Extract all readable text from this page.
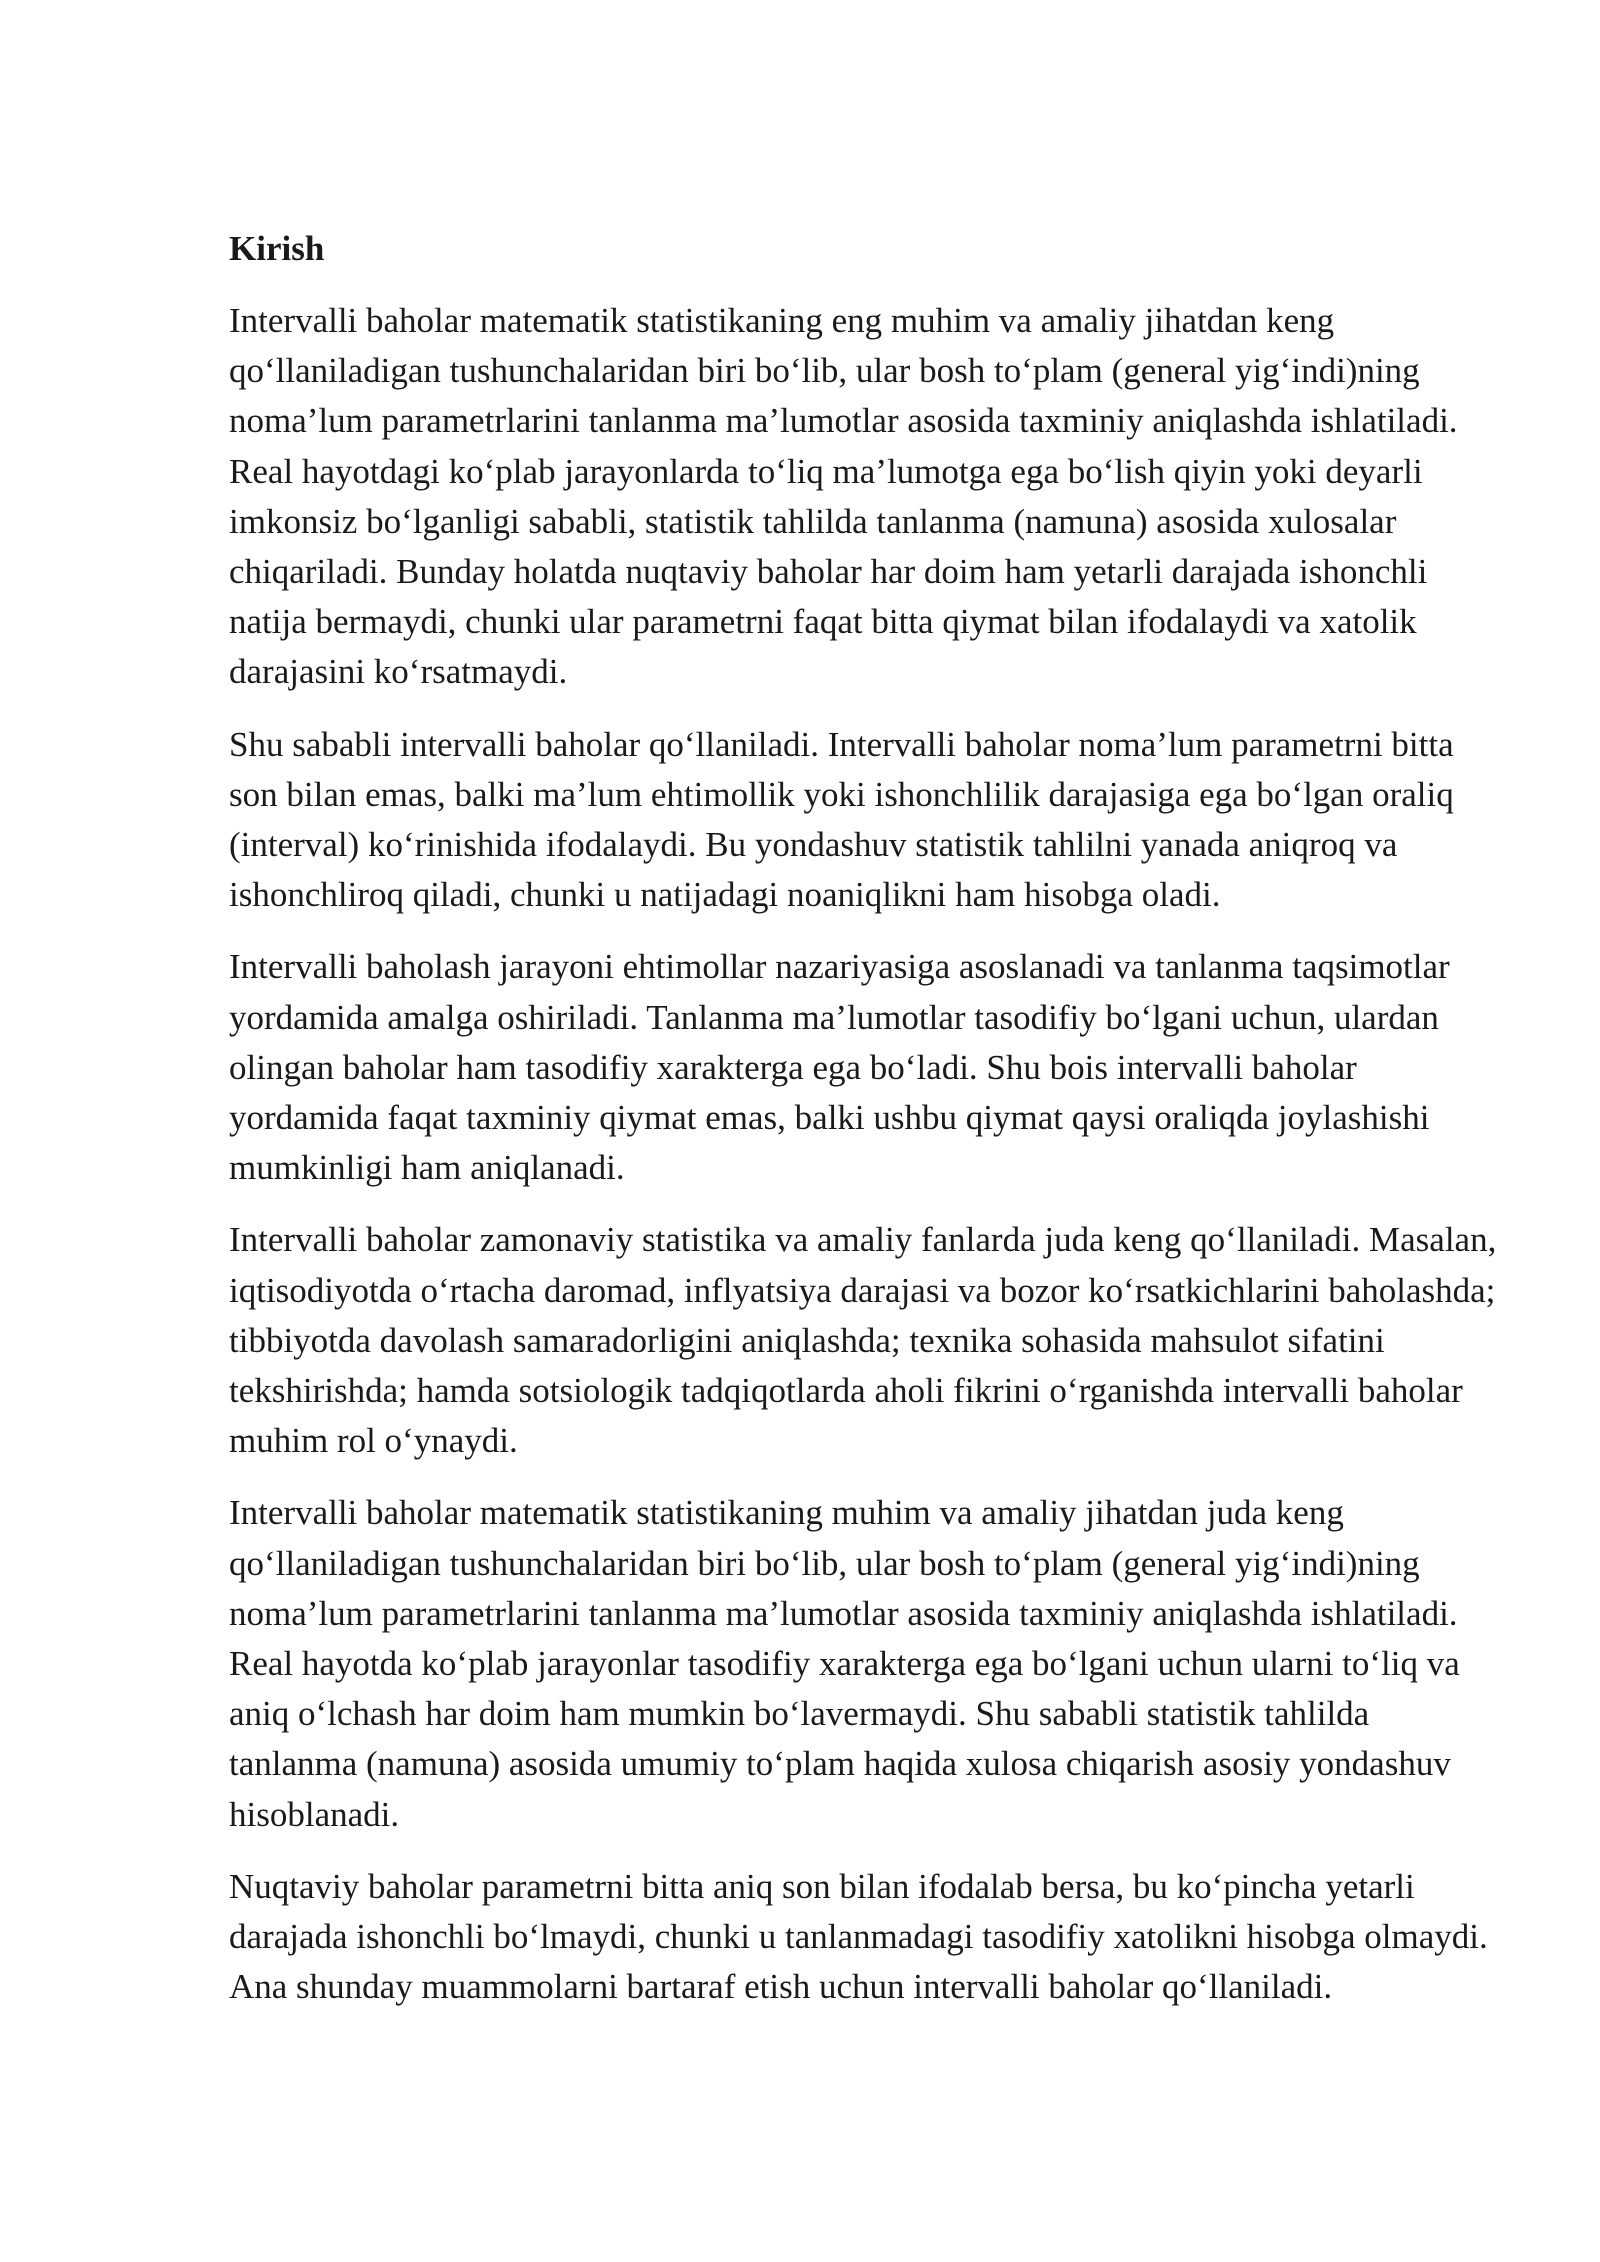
Kirish

Intervalli baholar matematik statistikaning eng muhim va amaliy jihatdan keng qo‘llaniladigan tushunchalaridan biri bo‘lib, ular bosh to‘plam (general yig‘indi)ning noma’lum parametrlarini tanlanma ma’lumotlar asosida taxminiy aniqlashda ishlatiladi. Real hayotdagi ko‘plab jarayonlarda to‘liq ma’lumotga ega bo‘lish qiyin yoki deyarli imkonsiz bo‘lganligi sababli, statistik tahlilda tanlanma (namuna) asosida xulosalar chiqariladi. Bunday holatda nuqtaviy baholar har doim ham yetarli darajada ishonchli natija bermaydi, chunki ular parametrni faqat bitta qiymat bilan ifodalaydi va xatolik darajasini ko‘rsatmaydi.

Shu sababli intervalli baholar qo‘llaniladi. Intervalli baholar noma’lum parametrni bitta son bilan emas, balki ma’lum ehtimollik yoki ishonchlilik darajasiga ega bo‘lgan oraliq (interval) ko‘rinishida ifodalaydi. Bu yondashuv statistik tahlilni yanada aniqroq va ishonchliroq qiladi, chunki u natijadagi noaniqlikni ham hisobga oladi.

Intervalli baholash jarayoni ehtimollar nazariyasiga asoslanadi va tanlanma taqsimotlar yordamida amalga oshiriladi. Tanlanma ma’lumotlar tasodifiy bo‘lgani uchun, ulardan olingan baholar ham tasodifiy xarakterga ega bo‘ladi. Shu bois intervalli baholar yordamida faqat taxminiy qiymat emas, balki ushbu qiymat qaysi oraliqda joylashishi mumkinligi ham aniqlanadi.

Intervalli baholar zamonaviy statistika va amaliy fanlarda juda keng qo‘llaniladi. Masalan, iqtisodiyotda o‘rtacha daromad, inflyatsiya darajasi va bozor ko‘rsatkichlarini baholashda; tibbiyotda davolash samaradorligini aniqlashda; texnika sohasida mahsulot sifatini tekshirishda; hamda sotsiologik tadqiqotlarda aholi fikrini o‘rganishda intervalli baholar muhim rol o‘ynaydi.

Intervalli baholar matematik statistikaning muhim va amaliy jihatdan juda keng qo‘llaniladigan tushunchalaridan biri bo‘lib, ular bosh to‘plam (general yig‘indi)ning noma’lum parametrlarini tanlanma ma’lumotlar asosida taxminiy aniqlashda ishlatiladi. Real hayotda ko‘plab jarayonlar tasodifiy xarakterga ega bo‘lgani uchun ularni to‘liq va aniq o‘lchash har doim ham mumkin bo‘lavermaydi. Shu sababli statistik tahlilda tanlanma (namuna) asosida umumiy to‘plam haqida xulosa chiqarish asosiy yondashuv hisoblanadi.

Nuqtaviy baholar parametrni bitta aniq son bilan ifodalab bersa, bu ko‘pincha yetarli darajada ishonchli bo‘lmaydi, chunki u tanlanmadagi tasodifiy xatolikni hisobga olmaydi. Ana shunday muammolarni bartaraf etish uchun intervalli baholar qo‘llaniladi.
